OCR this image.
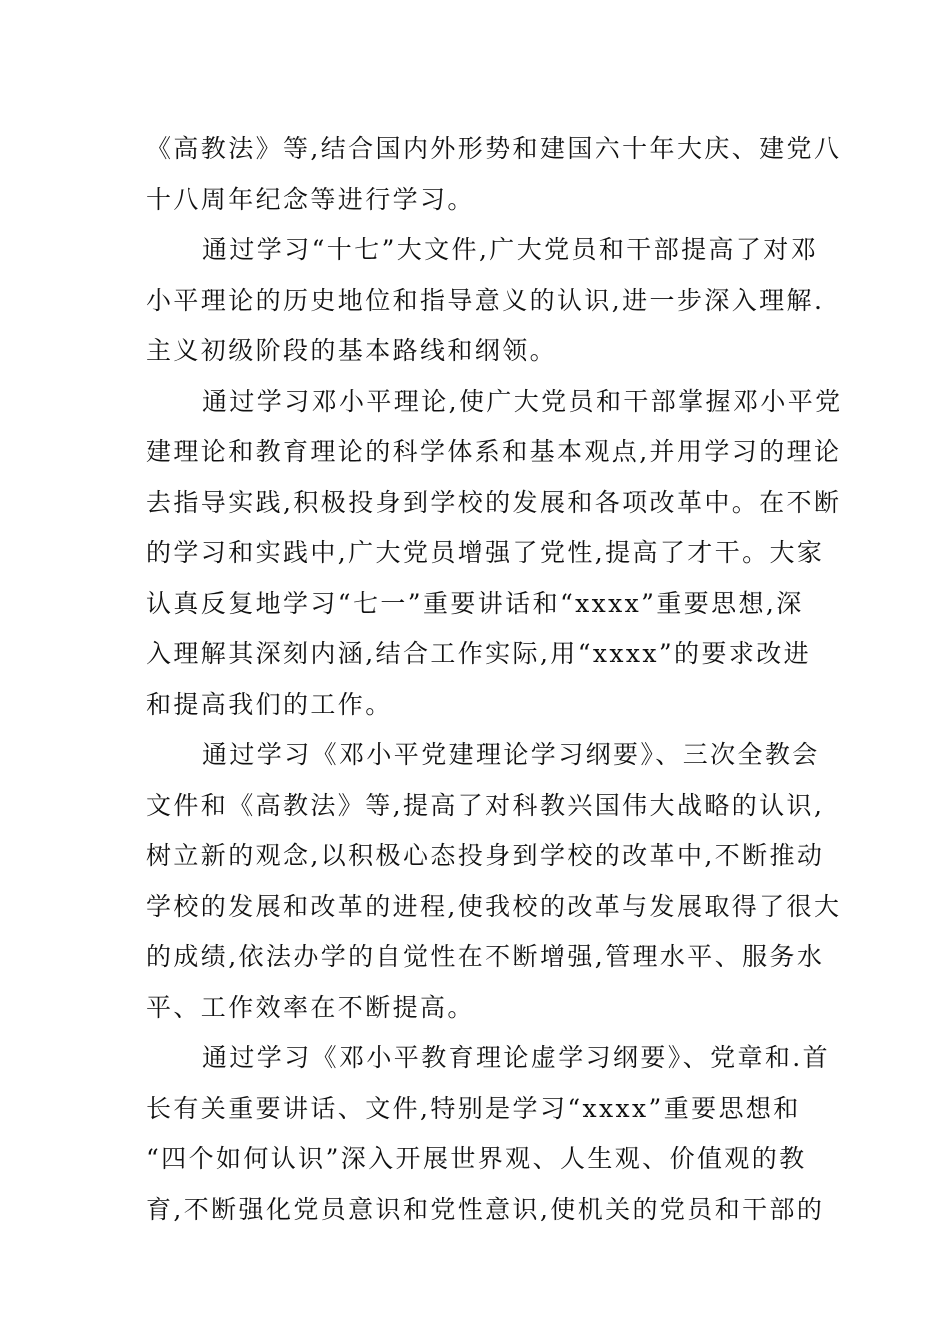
《高教法》等,结合国内外形势和建国六十年大庆、建党八
十八周年纪念等进行学习。
通过学习“十七”大文件,广大党员和干部提高了对邓
小平理论的历史地位和指导意义的认识,进一步深入理解.
主义初级阶段的基本路线和纲领。
通过学习邓小平理论,使广大党员和干部掌握邓小平党
建理论和教育理论的科学体系和基本观点,并用学习的理论
去指导实践,积极投身到学校的发展和各项改革中。在不断
的学习和实践中,广大党员增强了党性,提高了才干。大家
认真反复地学习“七一”重要讲话和“xxxx”重要思想,深
入理解其深刻内涵,结合工作实际,用“xxxx”的要求改进
和提高我们的工作。
通过学习《邓小平党建理论学习纲要》、三次全教会
文件和《高教法》等,提高了对科教兴国伟大战略的认识,
树立新的观念,以积极心态投身到学校的改革中,不断推动
学校的发展和改革的进程,使我校的改革与发展取得了很大
的成绩,依法办学的自觉性在不断增强,管理水平、服务水
平、工作效率在不断提高。
通过学习《邓小平教育理论虚学习纲要》、党章和.首
长有关重要讲话、文件,特别是学习“xxxx”重要思想和
“四个如何认识”深入开展世界观、人生观、价值观的教
育,不断强化党员意识和党性意识,使机关的党员和干部的
